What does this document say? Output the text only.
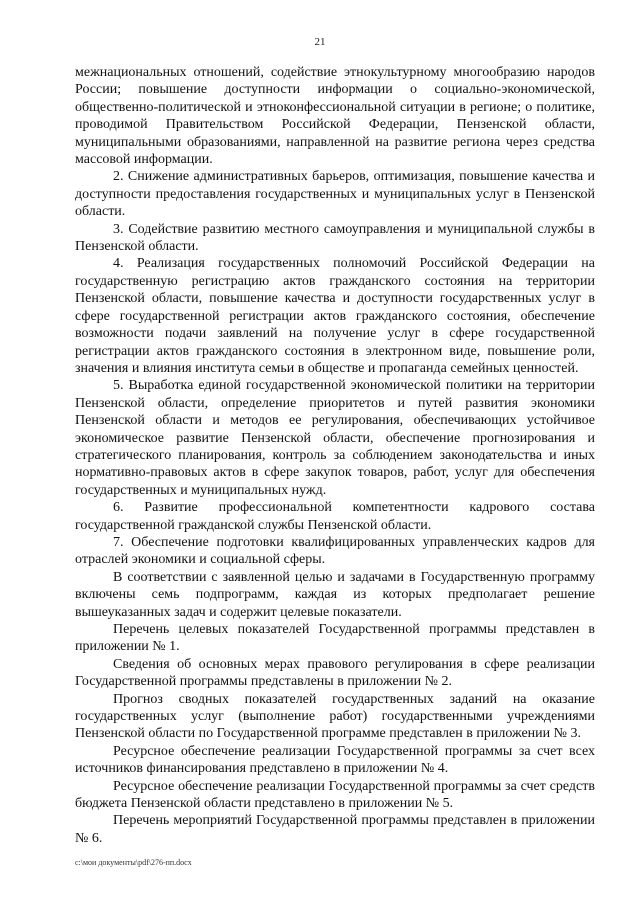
21

межнациональных отношений, содействие этнокультурному многообразию народов России; повышение доступности информации о социально-экономической, общественно-политической и этноконфессиональной ситуации в регионе; о политике, проводимой Правительством Российской Федерации, Пензенской области, муниципальными образованиями, направленной на развитие региона через средства массовой информации.

2. Снижение административных барьеров, оптимизация, повышение качества и доступности предоставления государственных и муниципальных услуг в Пензенской области.

3. Содействие развитию местного самоуправления и муниципальной службы в Пензенской области.

4. Реализация государственных полномочий Российской Федерации на государственную регистрацию актов гражданского состояния на территории Пензенской области, повышение качества и доступности государственных услуг в сфере государственной регистрации актов гражданского состояния, обеспечение возможности подачи заявлений на получение услуг в сфере государственной регистрации актов гражданского состояния в электронном виде, повышение роли, значения и влияния института семьи в обществе и пропаганда семейных ценностей.

5. Выработка единой государственной экономической политики на территории Пензенской области, определение приоритетов и путей развития экономики Пензенской области и методов ее регулирования, обеспечивающих устойчивое экономическое развитие Пензенской области, обеспечение прогнозирования и стратегического планирования, контроль за соблюдением законодательства и иных нормативно-правовых актов в сфере закупок товаров, работ, услуг для обеспечения государственных и муниципальных нужд.

6. Развитие профессиональной компетентности кадрового состава государственной гражданской службы Пензенской области.

7. Обеспечение подготовки квалифицированных управленческих кадров для отраслей экономики и социальной сферы.

В соответствии с заявленной целью и задачами в Государственную программу включены семь подпрограмм, каждая из которых предполагает решение вышеуказанных задач и содержит целевые показатели.

Перечень целевых показателей Государственной программы представлен в приложении № 1.

Сведения об основных мерах правового регулирования в сфере реализации Государственной программы представлены в приложении № 2.

Прогноз сводных показателей государственных заданий на оказание государственных услуг (выполнение работ) государственными учреждениями Пензенской области по Государственной программе представлен в приложении № 3.

Ресурсное обеспечение реализации Государственной программы за счет всех источников финансирования представлено в приложении № 4.

Ресурсное обеспечение реализации Государственной программы за счет средств бюджета Пензенской области представлено в приложении № 5.

Перечень мероприятий Государственной программы представлен в приложении № 6.

c:\мои документы\pdf\276-пп.docx
